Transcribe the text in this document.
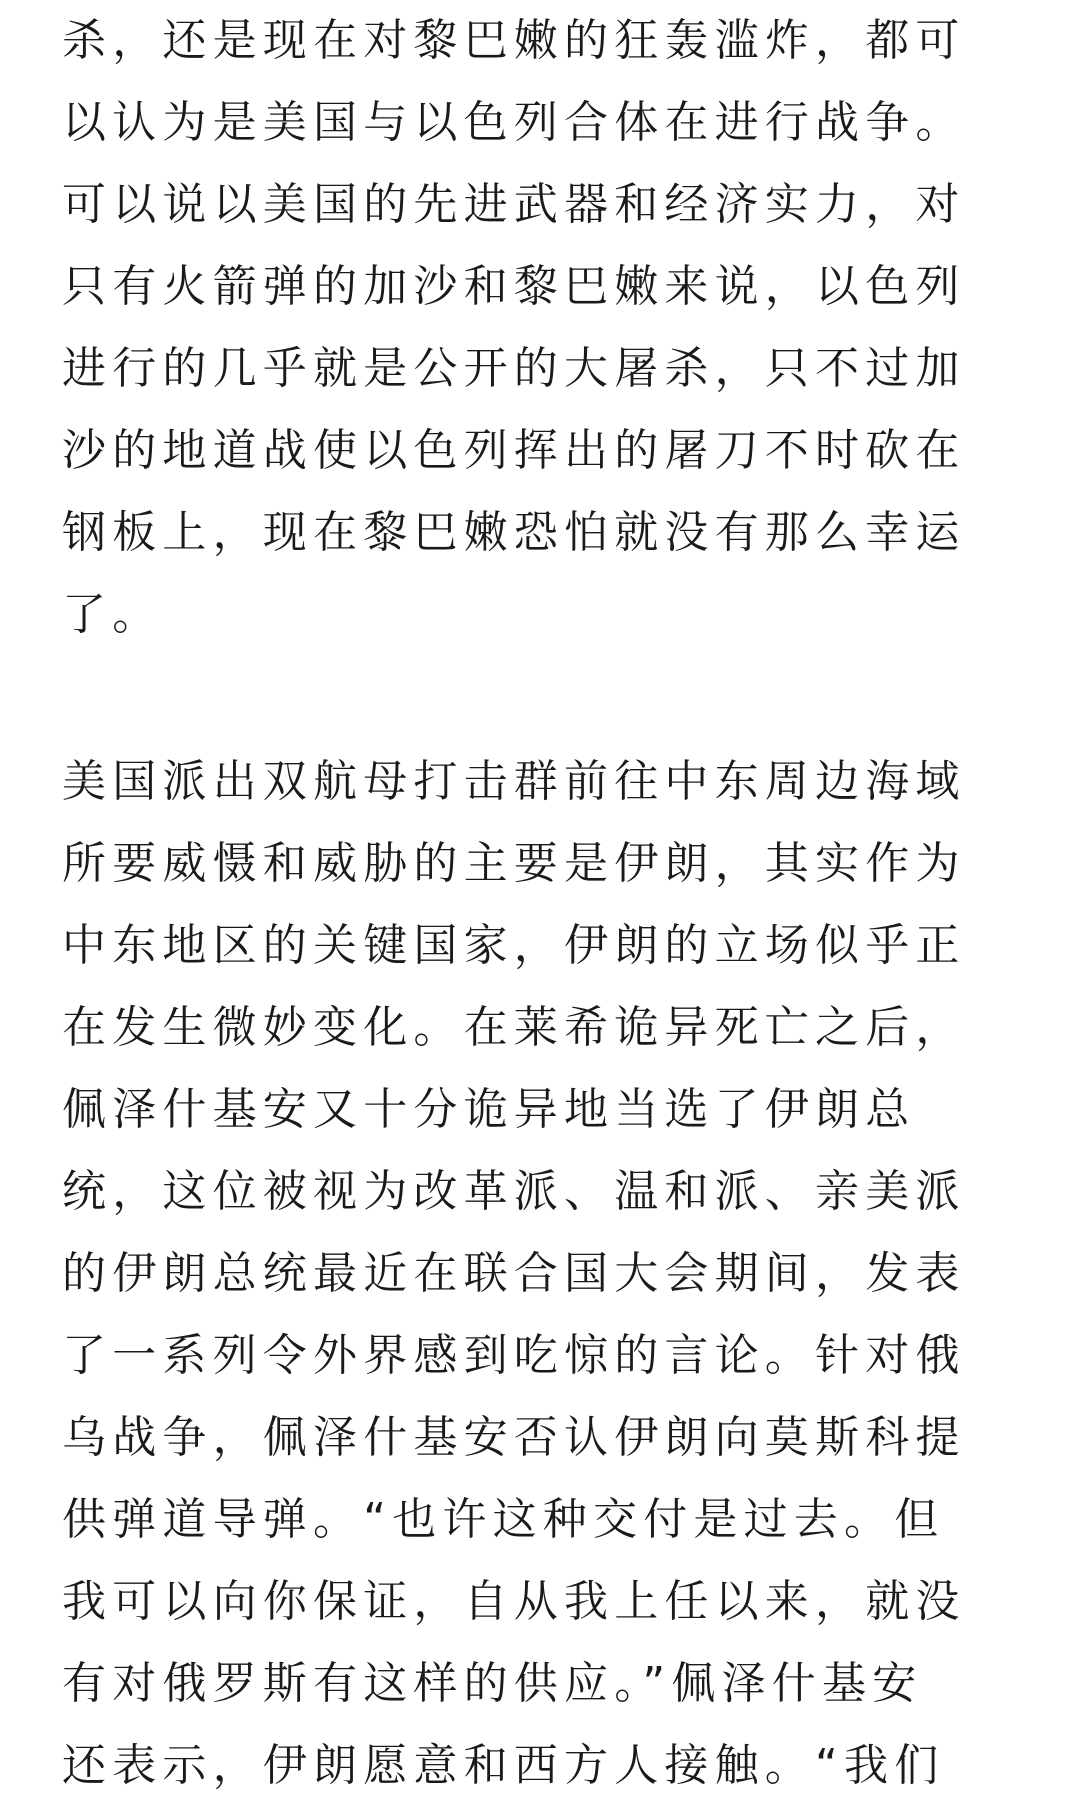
杀，还是现在对黎巴嫩的狂轰滥炸，都可
以认为是美国与以色列合体在进行战争。
可以说以美国的先进武器和经济实力，对
只有火箭弹的加沙和黎巴嫩来说，以色列
进行的几乎就是公开的大屠杀，只不过加
沙的地道战使以色列挥出的屠刀不时砍在
钢板上，现在黎巴嫩恐怕就没有那么幸运
了。
美国派出双航母打击群前往中东周边海域
所要威慑和威胁的主要是伊朗，其实作为
中东地区的关键国家，伊朗的立场似乎正
在发生微妙变化。在莱希诡异死亡之后，
佩泽什基安又十分诡异地当选了伊朗总
统，这位被视为改革派、温和派、亲美派
的伊朗总统最近在联合国大会期间，发表
了一系列令外界感到吃惊的言论。针对俄
乌战争，佩泽什基安否认伊朗向莫斯科提
供弹道导弹。“也许这种交付是过去。但
我可以向你保证，自从我上任以来，就没
有对俄罗斯有这样的供应。”佩泽什基安
还表示，伊朗愿意和西方人接触。“我们
